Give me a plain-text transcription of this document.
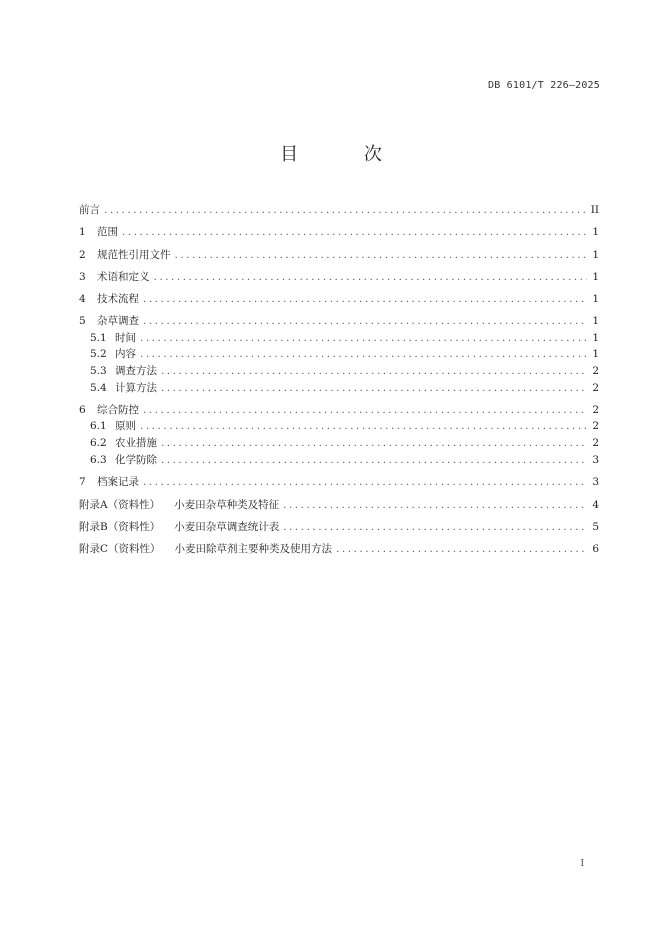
DB 6101/T 226—2025
目 次
前言 .....	II
1	范围 .....	1
2	规范性引用文件 .....	1
3	术语和定义 .....	1
4	技术流程 .....	1
5	杂草调查 .....	1
5.1 时间 .....	1
5.2 内容 .....	1
5.3 调查方法 .....	2
5.4 计算方法 .....	2
6	综合防控 .....	2
6.1 原则 .....	2
6.2 农业措施 .....	2
6.3 化学防除 .....	3
7	档案记录 .....	3
附录A（资料性） 小麦田杂草种类及特征 .....	4
附录B（资料性） 小麦田杂草调查统计表 .....	5
附录C（资料性） 小麦田除草剂主要种类及使用方法 .....	6
I
